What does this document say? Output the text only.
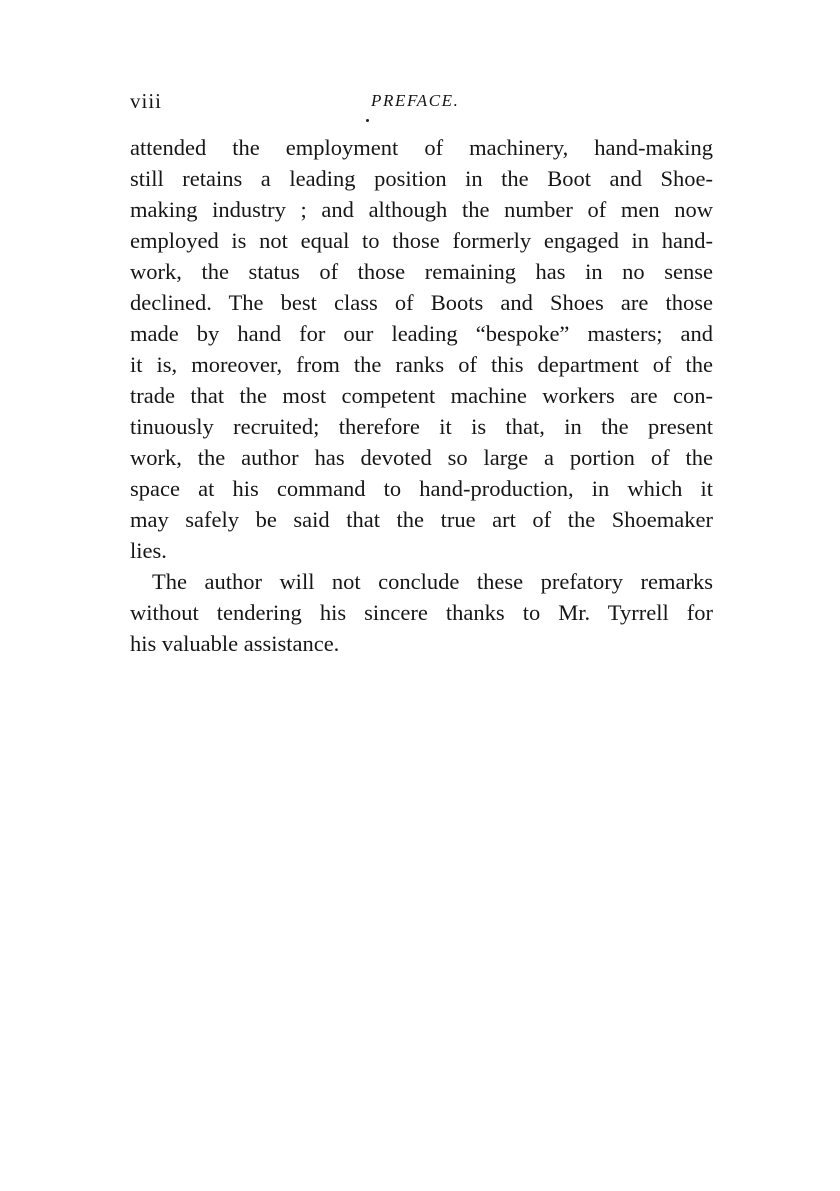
viii	PREFACE.
attended the employment of machinery, hand-making
still retains a leading position in the Boot and Shoe-
making industry ; and although the number of men now
employed is not equal to those formerly engaged in hand-
work, the status of those remaining has in no sense
declined. The best class of Boots and Shoes are those
made by hand for our leading “bespoke” masters; and
it is, moreover, from the ranks of this department of the
trade that the most competent machine workers are con-
tinuously recruited; therefore it is that, in the present
work, the author has devoted so large a portion of the
space at his command to hand-production, in which it
may safely be said that the true art of the Shoemaker
lies.
The author will not conclude these prefatory remarks
without tendering his sincere thanks to Mr. Tyrrell for
his valuable assistance.
